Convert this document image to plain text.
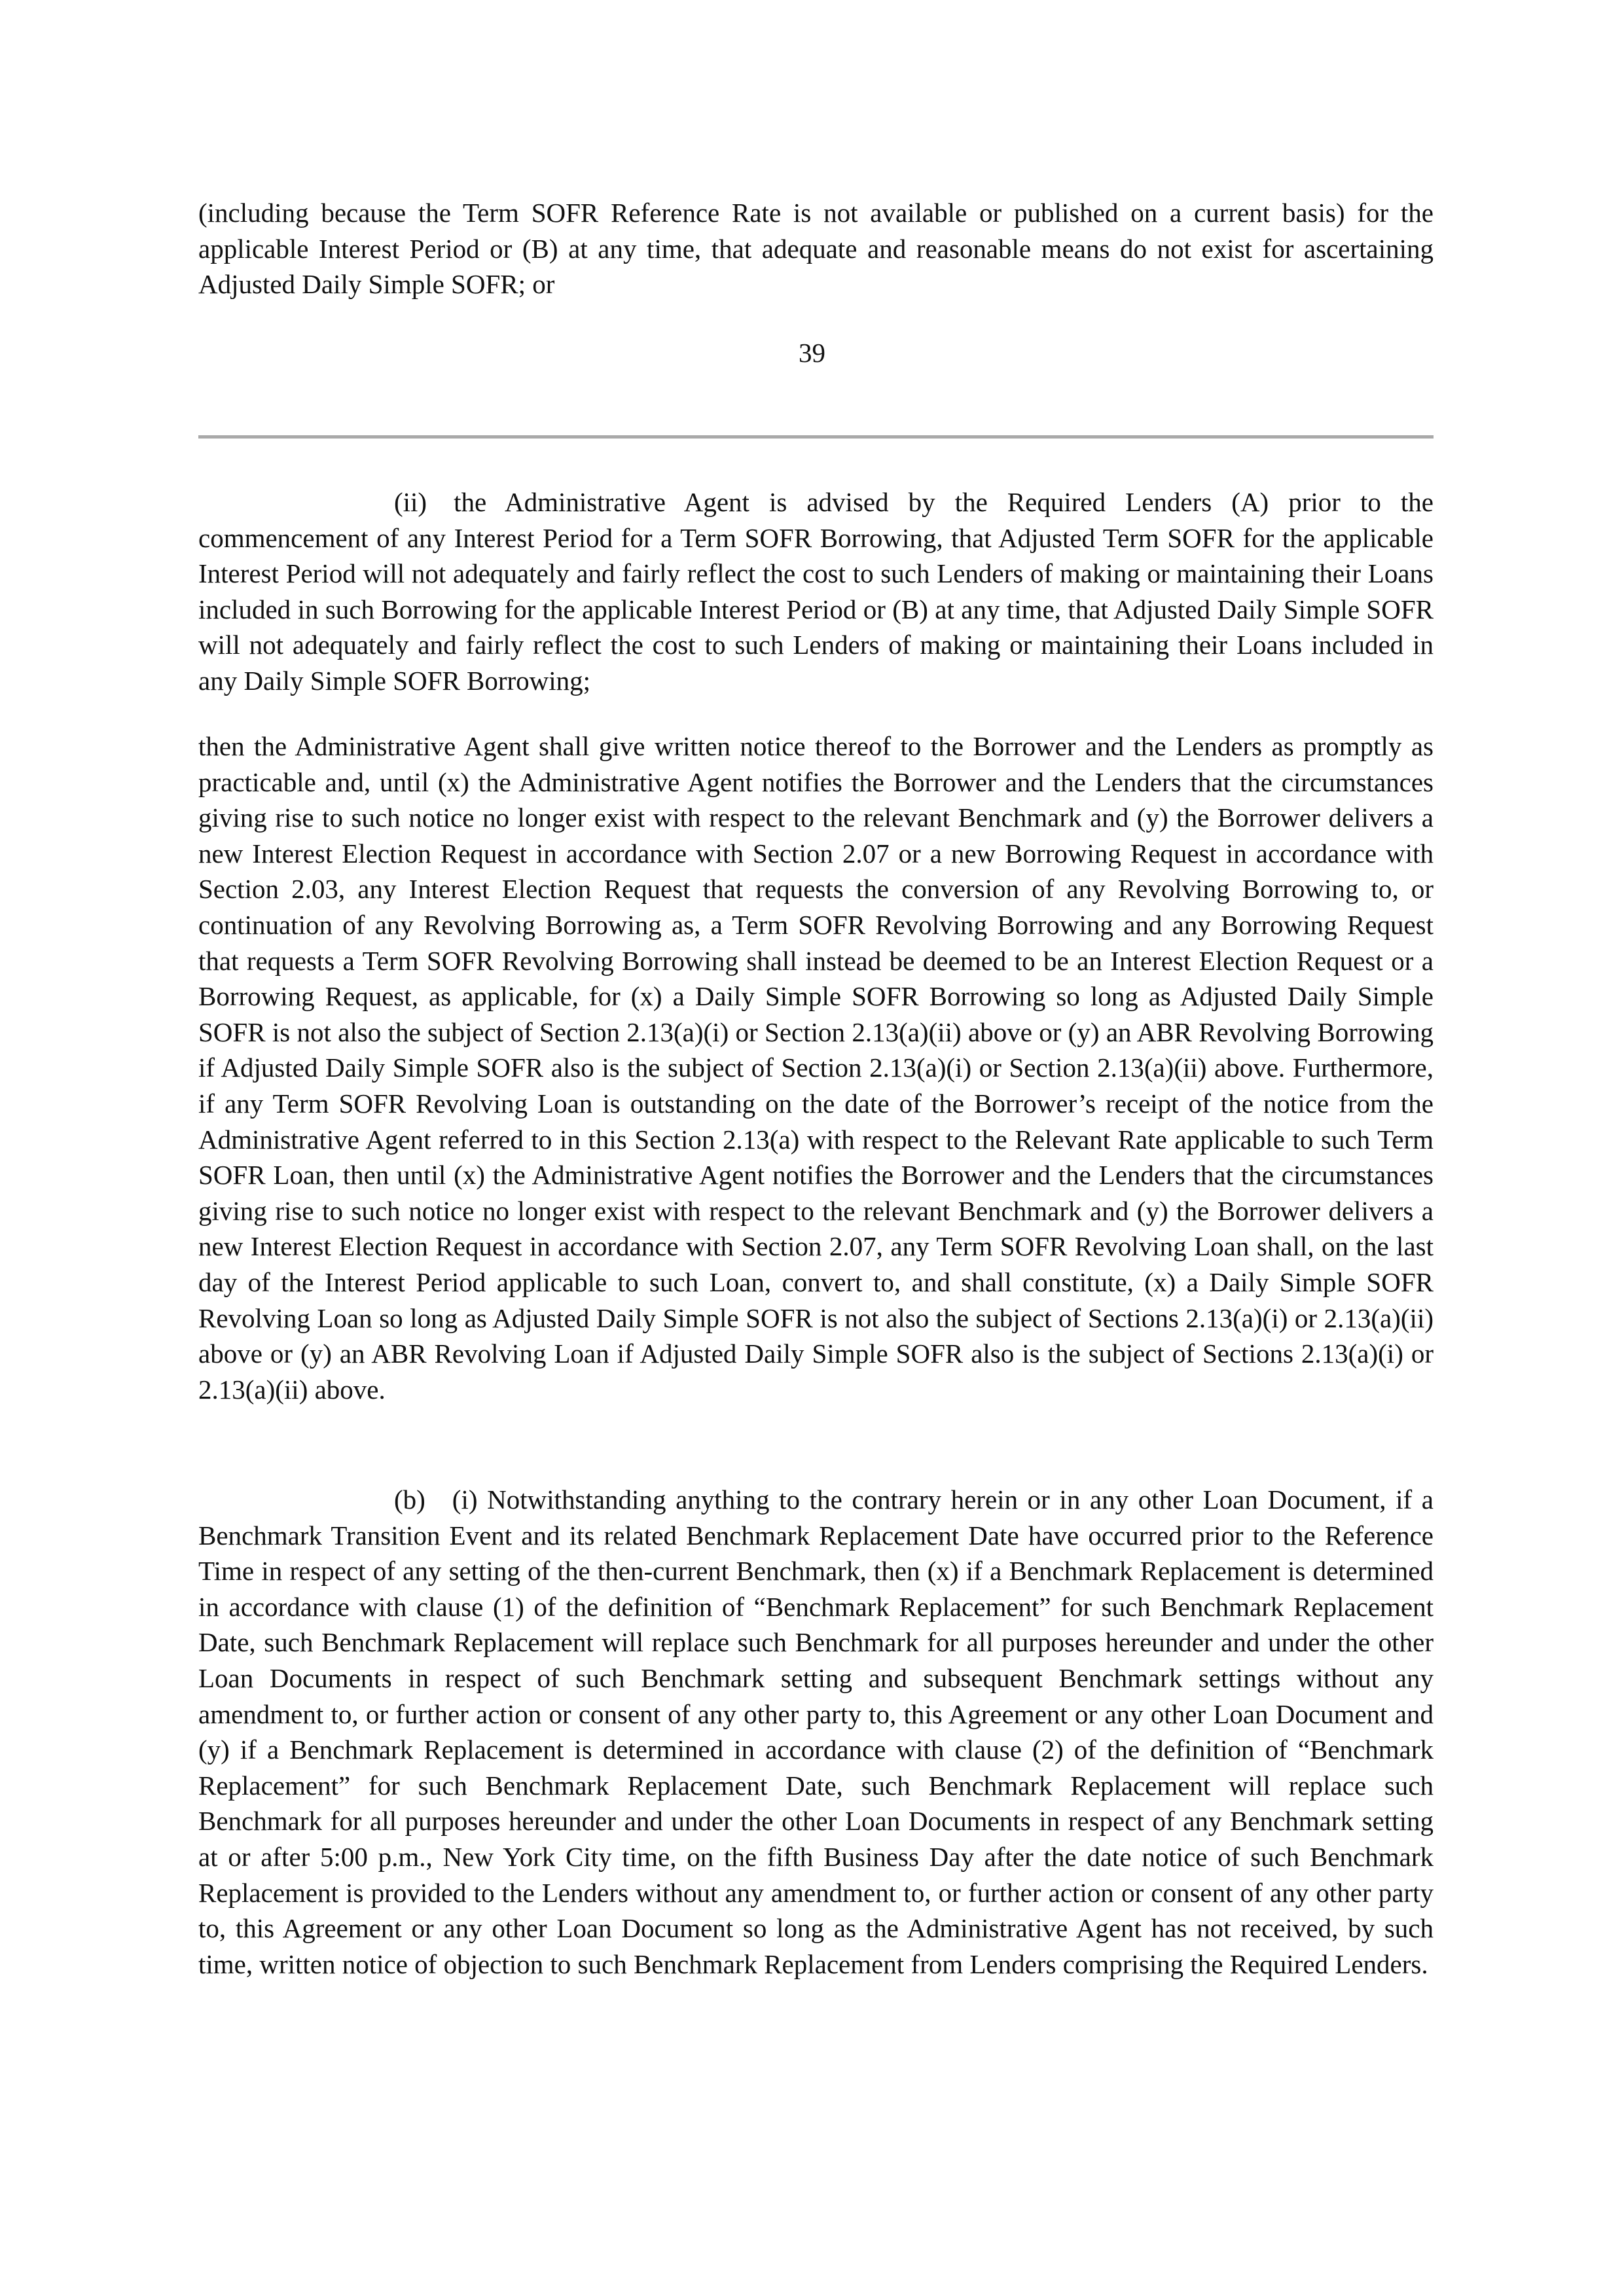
(including because the Term SOFR Reference Rate is not available or published on a current basis) for the applicable Interest Period or (B) at any time, that adequate and reasonable means do not exist for ascertaining Adjusted Daily Simple SOFR; or

39

(ii) the Administrative Agent is advised by the Required Lenders (A) prior to the commencement of any Interest Period for a Term SOFR Borrowing, that Adjusted Term SOFR for the applicable Interest Period will not adequately and fairly reflect the cost to such Lenders of making or maintaining their Loans included in such Borrowing for the applicable Interest Period or (B) at any time, that Adjusted Daily Simple SOFR will not adequately and fairly reflect the cost to such Lenders of making or maintaining their Loans included in any Daily Simple SOFR Borrowing;

then the Administrative Agent shall give written notice thereof to the Borrower and the Lenders as promptly as practicable and, until (x) the Administrative Agent notifies the Borrower and the Lenders that the circumstances giving rise to such notice no longer exist with respect to the relevant Benchmark and (y) the Borrower delivers a new Interest Election Request in accordance with Section 2.07 or a new Borrowing Request in accordance with Section 2.03, any Interest Election Request that requests the conversion of any Revolving Borrowing to, or continuation of any Revolving Borrowing as, a Term SOFR Revolving Borrowing and any Borrowing Request that requests a Term SOFR Revolving Borrowing shall instead be deemed to be an Interest Election Request or a Borrowing Request, as applicable, for (x) a Daily Simple SOFR Borrowing so long as Adjusted Daily Simple SOFR is not also the subject of Section 2.13(a)(i) or Section 2.13(a)(ii) above or (y) an ABR Revolving Borrowing if Adjusted Daily Simple SOFR also is the subject of Section 2.13(a)(i) or Section 2.13(a)(ii) above. Furthermore, if any Term SOFR Revolving Loan is outstanding on the date of the Borrower’s receipt of the notice from the Administrative Agent referred to in this Section 2.13(a) with respect to the Relevant Rate applicable to such Term SOFR Loan, then until (x) the Administrative Agent notifies the Borrower and the Lenders that the circumstances giving rise to such notice no longer exist with respect to the relevant Benchmark and (y) the Borrower delivers a new Interest Election Request in accordance with Section 2.07, any Term SOFR Revolving Loan shall, on the last day of the Interest Period applicable to such Loan, convert to, and shall constitute, (x) a Daily Simple SOFR Revolving Loan so long as Adjusted Daily Simple SOFR is not also the subject of Sections 2.13(a)(i) or 2.13(a)(ii) above or (y) an ABR Revolving Loan if Adjusted Daily Simple SOFR also is the subject of Sections 2.13(a)(i) or 2.13(a)(ii) above.

(b) (i) Notwithstanding anything to the contrary herein or in any other Loan Document, if a Benchmark Transition Event and its related Benchmark Replacement Date have occurred prior to the Reference Time in respect of any setting of the then-current Benchmark, then (x) if a Benchmark Replacement is determined in accordance with clause (1) of the definition of “Benchmark Replacement” for such Benchmark Replacement Date, such Benchmark Replacement will replace such Benchmark for all purposes hereunder and under the other Loan Documents in respect of such Benchmark setting and subsequent Benchmark settings without any amendment to, or further action or consent of any other party to, this Agreement or any other Loan Document and (y) if a Benchmark Replacement is determined in accordance with clause (2) of the definition of “Benchmark Replacement” for such Benchmark Replacement Date, such Benchmark Replacement will replace such Benchmark for all purposes hereunder and under the other Loan Documents in respect of any Benchmark setting at or after 5:00 p.m., New York City time, on the fifth Business Day after the date notice of such Benchmark Replacement is provided to the Lenders without any amendment to, or further action or consent of any other party to, this Agreement or any other Loan Document so long as the Administrative Agent has not received, by such time, written notice of objection to such Benchmark Replacement from Lenders comprising the Required Lenders.
